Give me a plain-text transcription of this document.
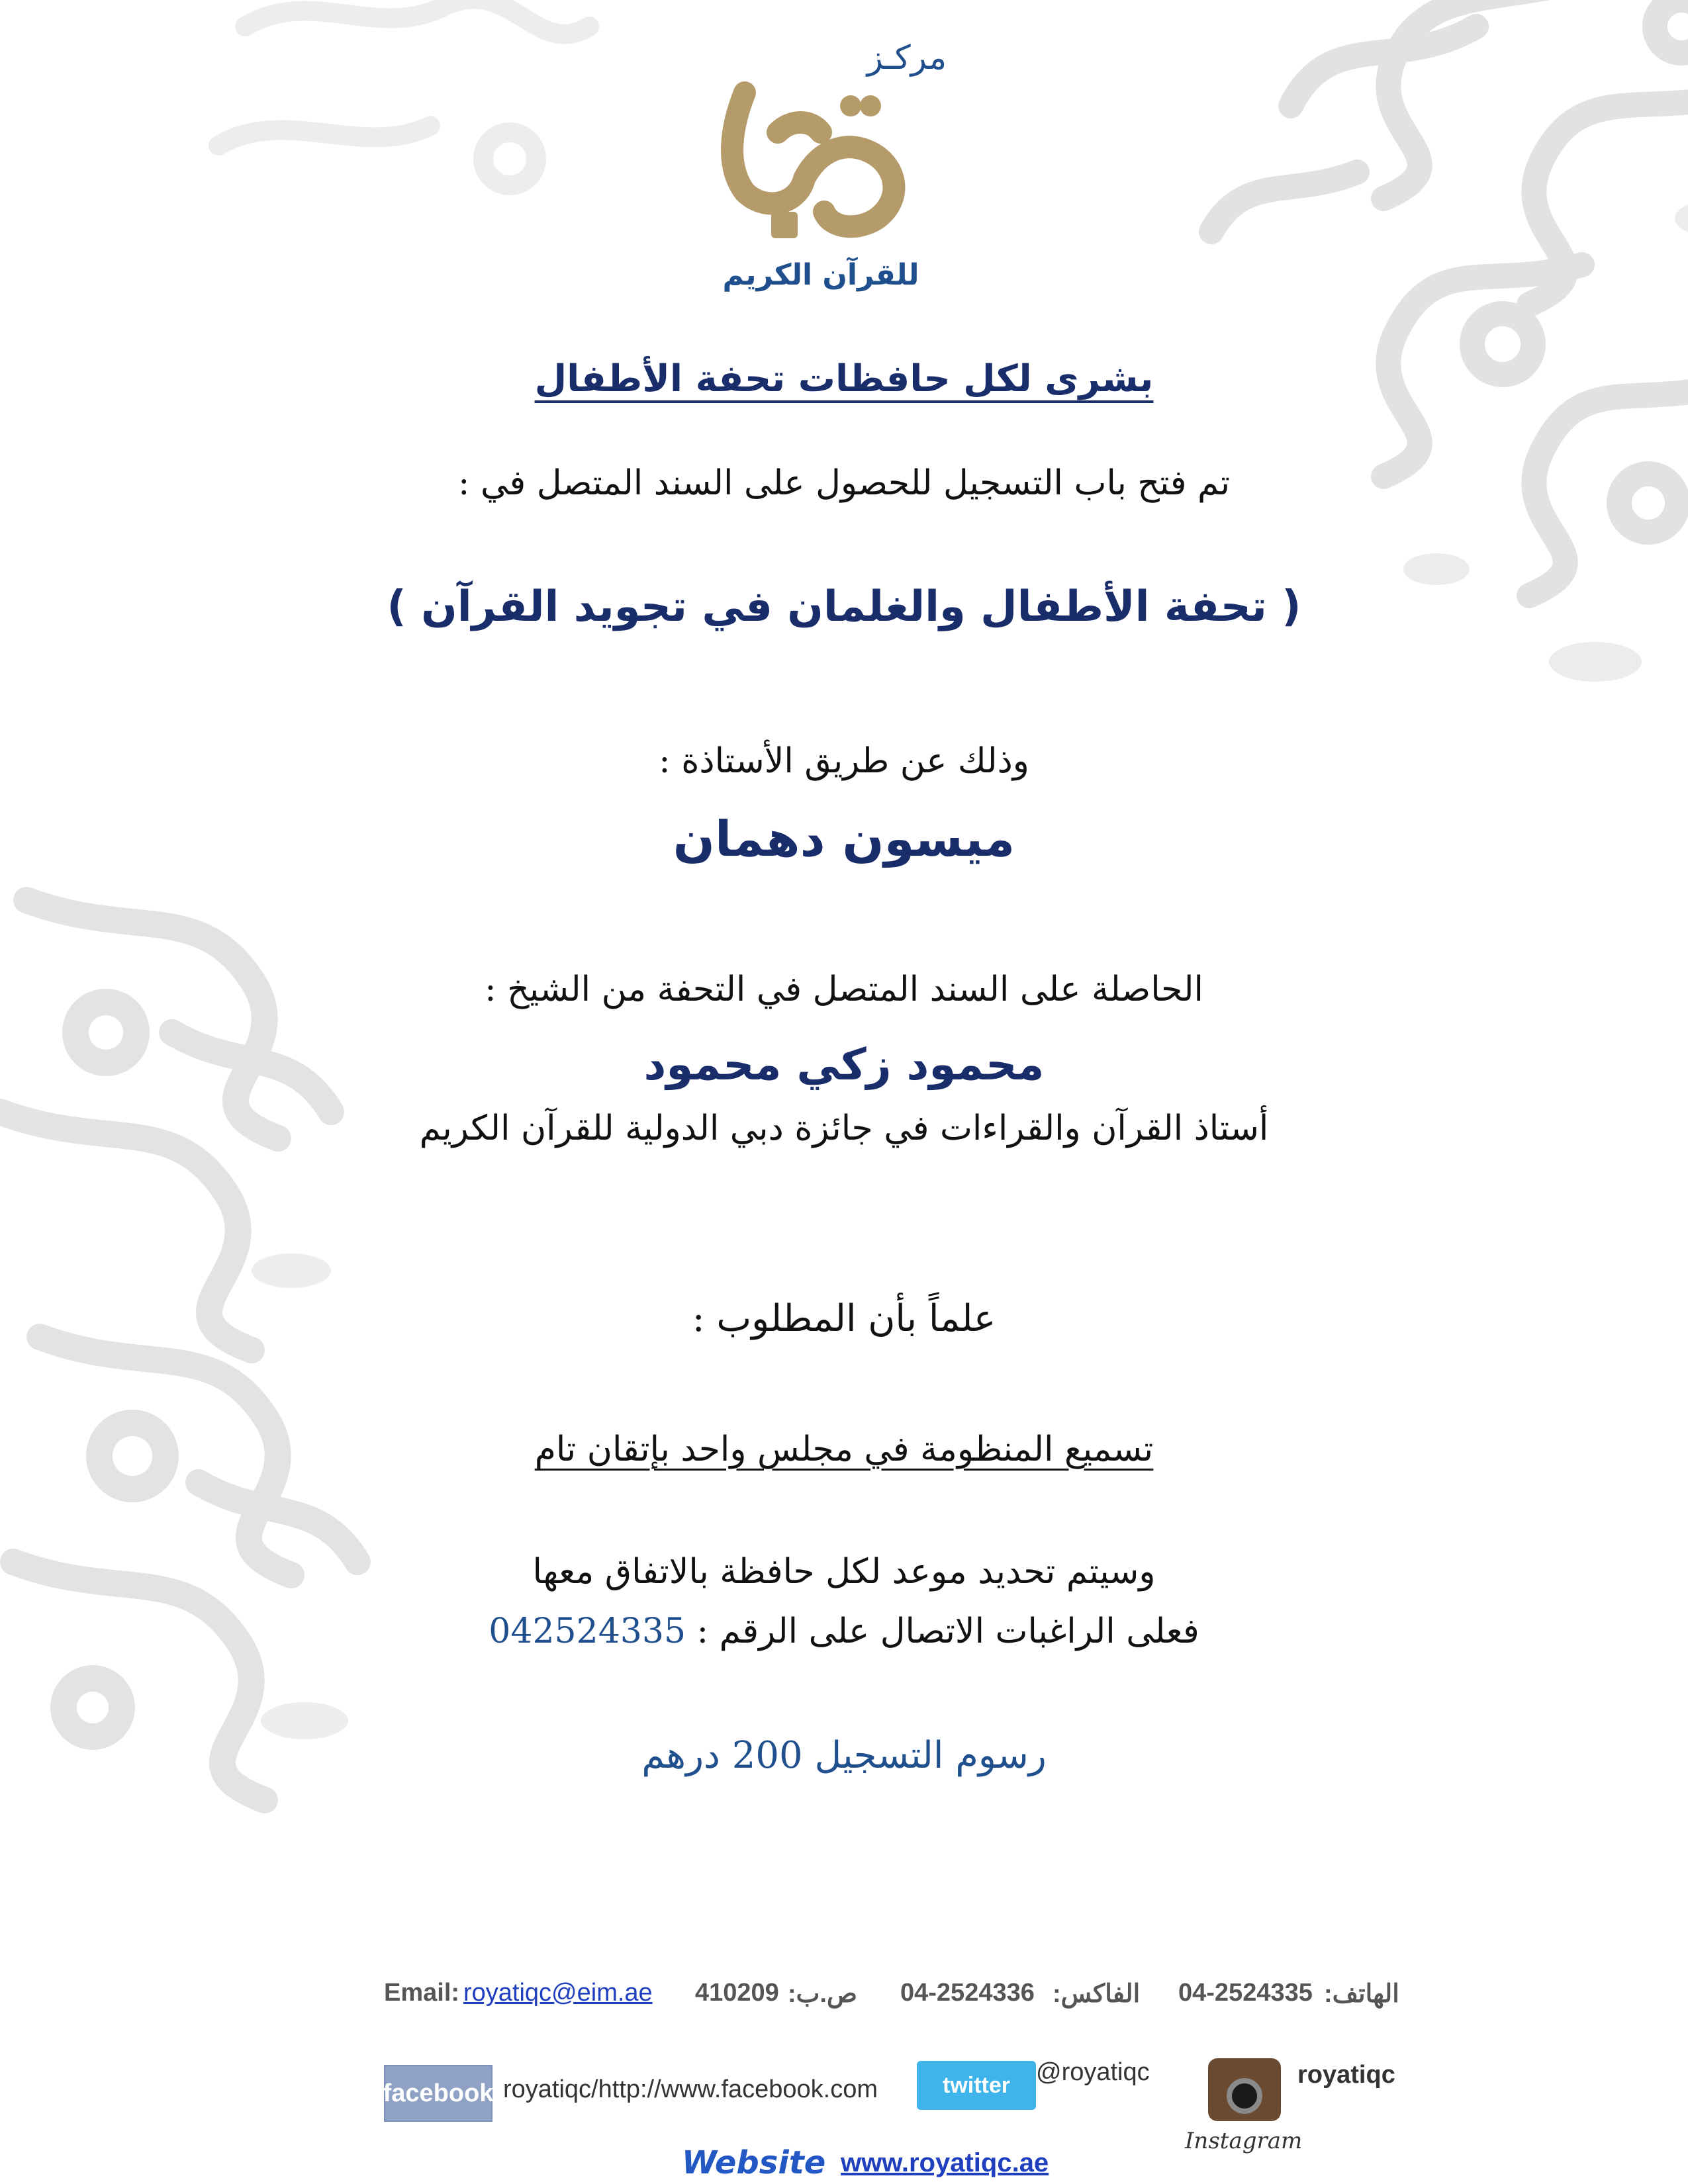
مركـز
للقرآن الكريم
بشرى لكل حافظات تحفة الأطفال
تم فتح باب التسجيل للحصول على السند المتصل في :
( تحفة الأطفال والغلمان في تجويد القرآن )
وذلك عن طريق الأستاذة :
ميسون دهمان
الحاصلة على السند المتصل في التحفة من الشيخ :
محمود زكي محمود
أستاذ القرآن والقراءات في جائزة دبي الدولية للقرآن الكريم
علماً بأن المطلوب :
تسميع المنظومة في مجلس واحد بإتقان تام
وسيتم تحديد موعد لكل حافظة بالاتفاق معها
فعلى الراغبات الاتصال على الرقم : 042524335
رسوم التسجيل 200 درهم
Email: royatiqc@eim.ae 410209 ص.ب: 04-2524336 الفاكس: 04-2524335 الهاتف:
facebook royatiqc/http://www.facebook.com	twitter	@royatiqc	royatiqc
Instagram
Website www.royatiqc.ae
